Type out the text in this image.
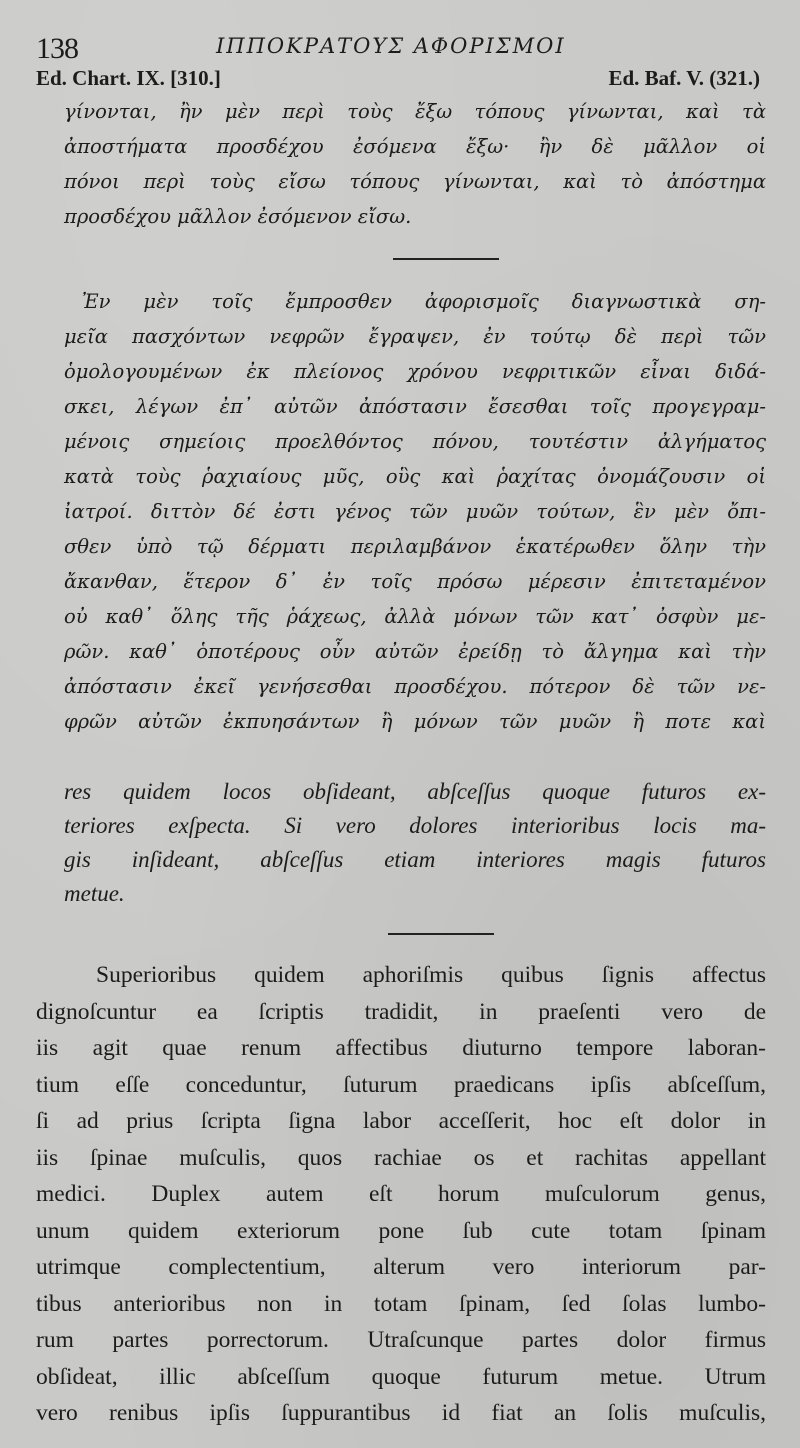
138	ΙΠΠΟΚΡΑΤΟΥΣ ΑΦΟΡΙΣΜΟΙ
Ed. Chart. IX. [310.]	Ed. Baf. V. (321.)
γίνονται, ἢν μὲν περὶ τοὺς ἔξω τόπους γίνωνται, καὶ τὰ
ἀποστήματα προσδέχου ἐσόμενα ἔξω· ἢν δὲ μᾶλλον οἱ
πόνοι περὶ τοὺς εἴσω τόπους γίνωνται, καὶ τὸ ἀπόστημα
προσδέχου μᾶλλον ἐσόμενον εἴσω.
Ἐν μὲν τοῖς ἔμπροσθεν ἀφορισμοῖς διαγνωστικὰ ση-
μεῖα πασχόντων νεφρῶν ἔγραψεν, ἐν τούτῳ δὲ περὶ τῶν
ὁμολογουμένων ἐκ πλείονος χρόνου νεφριτικῶν εἶναι διδά-
σκει, λέγων ἐπ᾽ αὐτῶν ἀπόστασιν ἔσεσθαι τοῖς προγεγραμ-
μένοις σημείοις προελθόντος πόνου, τουτέστιν ἀλγήματος
κατὰ τοὺς ῥαχιαίους μῦς, οὓς καὶ ῥαχίτας ὀνομάζουσιν οἱ
ἰατροί. διττὸν δέ ἐστι γένος τῶν μυῶν τούτων, ἓν μὲν ὄπι-
σθεν ὑπὸ τῷ δέρματι περιλαμβάνον ἑκατέρωθεν ὅλην τὴν
ἄκανθαν, ἕτερον δ᾽ ἐν τοῖς πρόσω μέρεσιν ἐπιτεταμένον
οὐ καθ᾽ ὅλης τῆς ῥάχεως, ἀλλὰ μόνων τῶν κατ᾽ ὀσφὺν με-
ρῶν. καθ᾽ ὁποτέρους οὖν αὐτῶν ἐρείδῃ τὸ ἄλγημα καὶ τὴν
ἀπόστασιν ἐκεῖ γενήσεσθαι προσδέχου. πότερον δὲ τῶν νε-
φρῶν αὐτῶν ἐκπυησάντων ἢ μόνων τῶν μυῶν ἢ ποτε καὶ
res quidem locos obſideant, abſceſſus quoque futuros ex-
teriores exſpecta. Si vero dolores interioribus locis ma-
gis inſideant, abſceſſus etiam interiores magis futuros
metue.
Superioribus quidem aphoriſmis quibus ſignis affectus
dignoſcuntur ea ſcriptis tradidit, in praeſenti vero de
iis agit quae renum affectibus diuturno tempore laboran-
tium eſſe conceduntur, ſuturum praedicans ipſis abſceſſum,
ſi ad prius ſcripta ſigna labor acceſſerit, hoc eſt dolor in
iis ſpinae muſculis, quos rachiae os et rachitas appellant
medici. Duplex autem eſt horum muſculorum genus,
unum quidem exteriorum pone ſub cute totam ſpinam
utrimque complectentium, alterum vero interiorum par-
tibus anterioribus non in totam ſpinam, ſed ſolas lumbo-
rum partes porrectorum. Utraſcunque partes dolor firmus
obſideat, illic abſceſſum quoque futurum metue. Utrum
vero renibus ipſis ſuppurantibus id fiat an ſolis muſculis,
